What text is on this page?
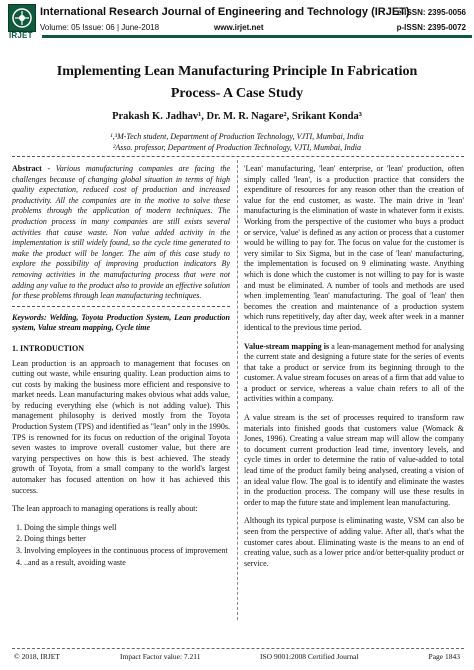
IRJET
International Research Journal of Engineering and Technology (IRJET)
Volume: 05 Issue: 06 | June-2018	www.irjet.net
e-ISSN: 2395-0056
p-ISSN: 2395-0072
Implementing Lean Manufacturing Principle In Fabrication
Process- A Case Study
Prakash K. Jadhav¹, Dr. M. R. Nagare², Srikant Konda³
¹,³M-Tech student, Department of Production Technology, VJTI, Mumbai, India
²Asso. professor, Department of Production Technology, VJTI, Mumbai, India
Abstract - Various manufacturing companies are facing the challenges because of changing global situation in terms of high quality expectation, reduced cost of production and increased productivity. All the companies are in the motive to solve these problems through the application of modern techniques. The production process in many companies are still exists several activities that cause waste. Non value added activity in the implementation is still widely found, so the cycle time generated to make the product will be longer. The aim of this case study to explore the possibility of improving production indicators By removing activities in the manufacturing process that were not adding any value to the product also to provide an effective solution for these problems through lean manufacturing techniques.
Keywords: Welding, Toyota Production System, Lean production system, Value stream mapping, Cycle time
1. INTRODUCTION

Lean production is an approach to management that focuses on cutting out waste, while ensuring quality. Lean production aims to cut costs by making the business more efficient and responsive to market needs. Lean manufacturing makes obvious what adds value, by reducing everything else (which is not adding value). This management philosophy is derived mostly from the Toyota Production System (TPS) and identified as "lean" only in the 1990s. TPS is renowned for its focus on reduction of the original Toyota seven wastes to improve overall customer value, but there are varying perspectives on how this is best achieved. The steady growth of Toyota, from a small company to the world's largest automaker has focused attention on how it has achieved this success.

The lean approach to managing operations is really about:

1. Doing the simple things well
2. Doing things better
3. Involving employees in the continuous process of improvement
4. ..and as a result, avoiding waste

'Lean' manufacturing, 'lean' enterprise, or 'lean' production, often simply called 'lean', is a production practice that considers the expenditure of resources for any reason other than the creation of value for the end customer, as waste. The main drive in 'lean' manufacturing is the elimination of waste in whatever form it exists. Working from the perspective of the customer who buys a product or service, 'value' is defined as any action or process that a customer would be willing to pay for. The focus on value for the customer is very similar to Six Sigma, but in the case of 'lean' manufacturing, the implementation is focused on 9 eliminating waste. Anything which is done which the customer is not willing to pay for is waste and must be eliminated. A number of tools and methods are used when implementing 'lean' manufacturing. The goal of 'lean' then becomes the creation and maintenance of a production system which runs repetitively, day after day, week after week in a manner identical to the previous time period.

Value-stream mapping is a lean-management method for analysing the current state and designing a future state for the series of events that take a product or service from its beginning through to the customer. A value stream focuses on areas of a firm that add value to a product or service, whereas a value chain refers to all of the activities within a company.

A value stream is the set of processes required to transform raw materials into finished goods that customers value (Womack & Jones, 1996). Creating a value stream map will allow the company to document current production lead time, inventory levels, and cycle times in order to determine the ratio of value-added to total lead time of the product family being analysed, creating a vision of an ideal value flow. The goal is to identify and eliminate the wastes in the production process. The company will use these results in order to map the future state and implement lean manufacturing.

Although its typical purpose is eliminating waste, VSM can also be seen from the perspective of adding value. After all, that's what the customer cares about. Eliminating waste is the means to an end of creating value, such as a lower price and/or better-quality product or service.

© 2018, IRJET	Impact Factor value: 7.211	ISO 9001:2008 Certified Journal	Page 1843
